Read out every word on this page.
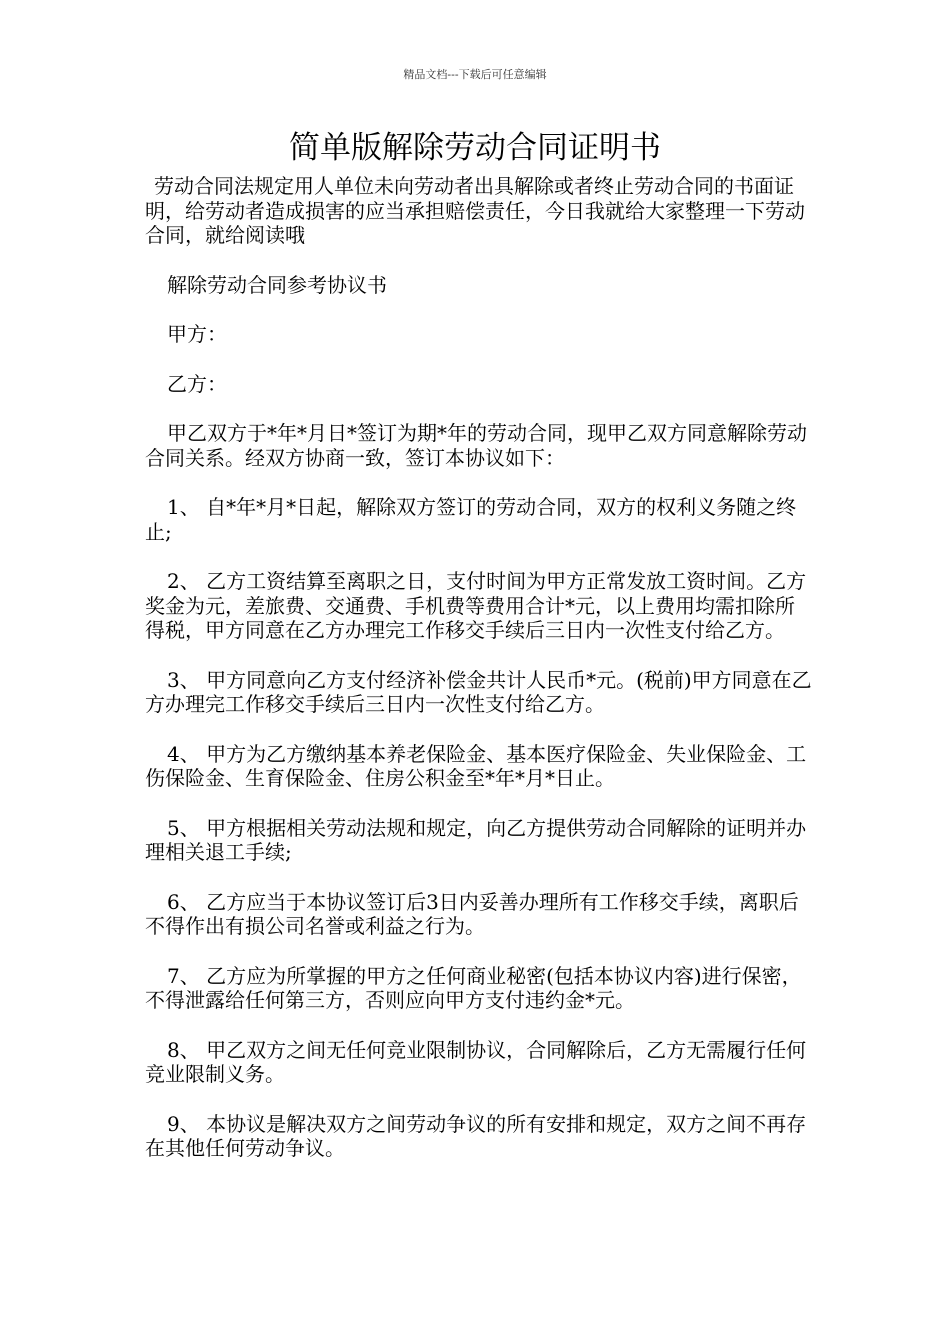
精品文档---下载后可任意编辑
简单版解除劳动合同证明书

劳动合同法规定用人单位未向劳动者出具解除或者终止劳动合同的书面证明，给劳动者造成损害的应当承担赔偿责任，今日我就给大家整理一下劳动合同，就给阅读哦

解除劳动合同参考协议书

甲方：

乙方：

甲乙双方于*年*月日*签订为期*年的劳动合同，现甲乙双方同意解除劳动合同关系。经双方协商一致，签订本协议如下：

1、 自*年*月*日起，解除双方签订的劳动合同，双方的权利义务随之终止;

2、 乙方工资结算至离职之日，支付时间为甲方正常发放工资时间。乙方奖金为元，差旅费、交通费、手机费等费用合计*元，以上费用均需扣除所得税，甲方同意在乙方办理完工作移交手续后三日内一次性支付给乙方。

3、 甲方同意向乙方支付经济补偿金共计人民币*元。(税前)甲方同意在乙方办理完工作移交手续后三日内一次性支付给乙方。

4、 甲方为乙方缴纳基本养老保险金、基本医疗保险金、失业保险金、工伤保险金、生育保险金、住房公积金至*年*月*日止。

5、 甲方根据相关劳动法规和规定，向乙方提供劳动合同解除的证明并办理相关退工手续;

6、 乙方应当于本协议签订后3日内妥善办理所有工作移交手续，离职后不得作出有损公司名誉或利益之行为。

7、 乙方应为所掌握的甲方之任何商业秘密(包括本协议内容)进行保密，不得泄露给任何第三方，否则应向甲方支付违约金*元。

8、 甲乙双方之间无任何竞业限制协议，合同解除后，乙方无需履行任何竞业限制义务。

9、 本协议是解决双方之间劳动争议的所有安排和规定，双方之间不再存在其他任何劳动争议。
